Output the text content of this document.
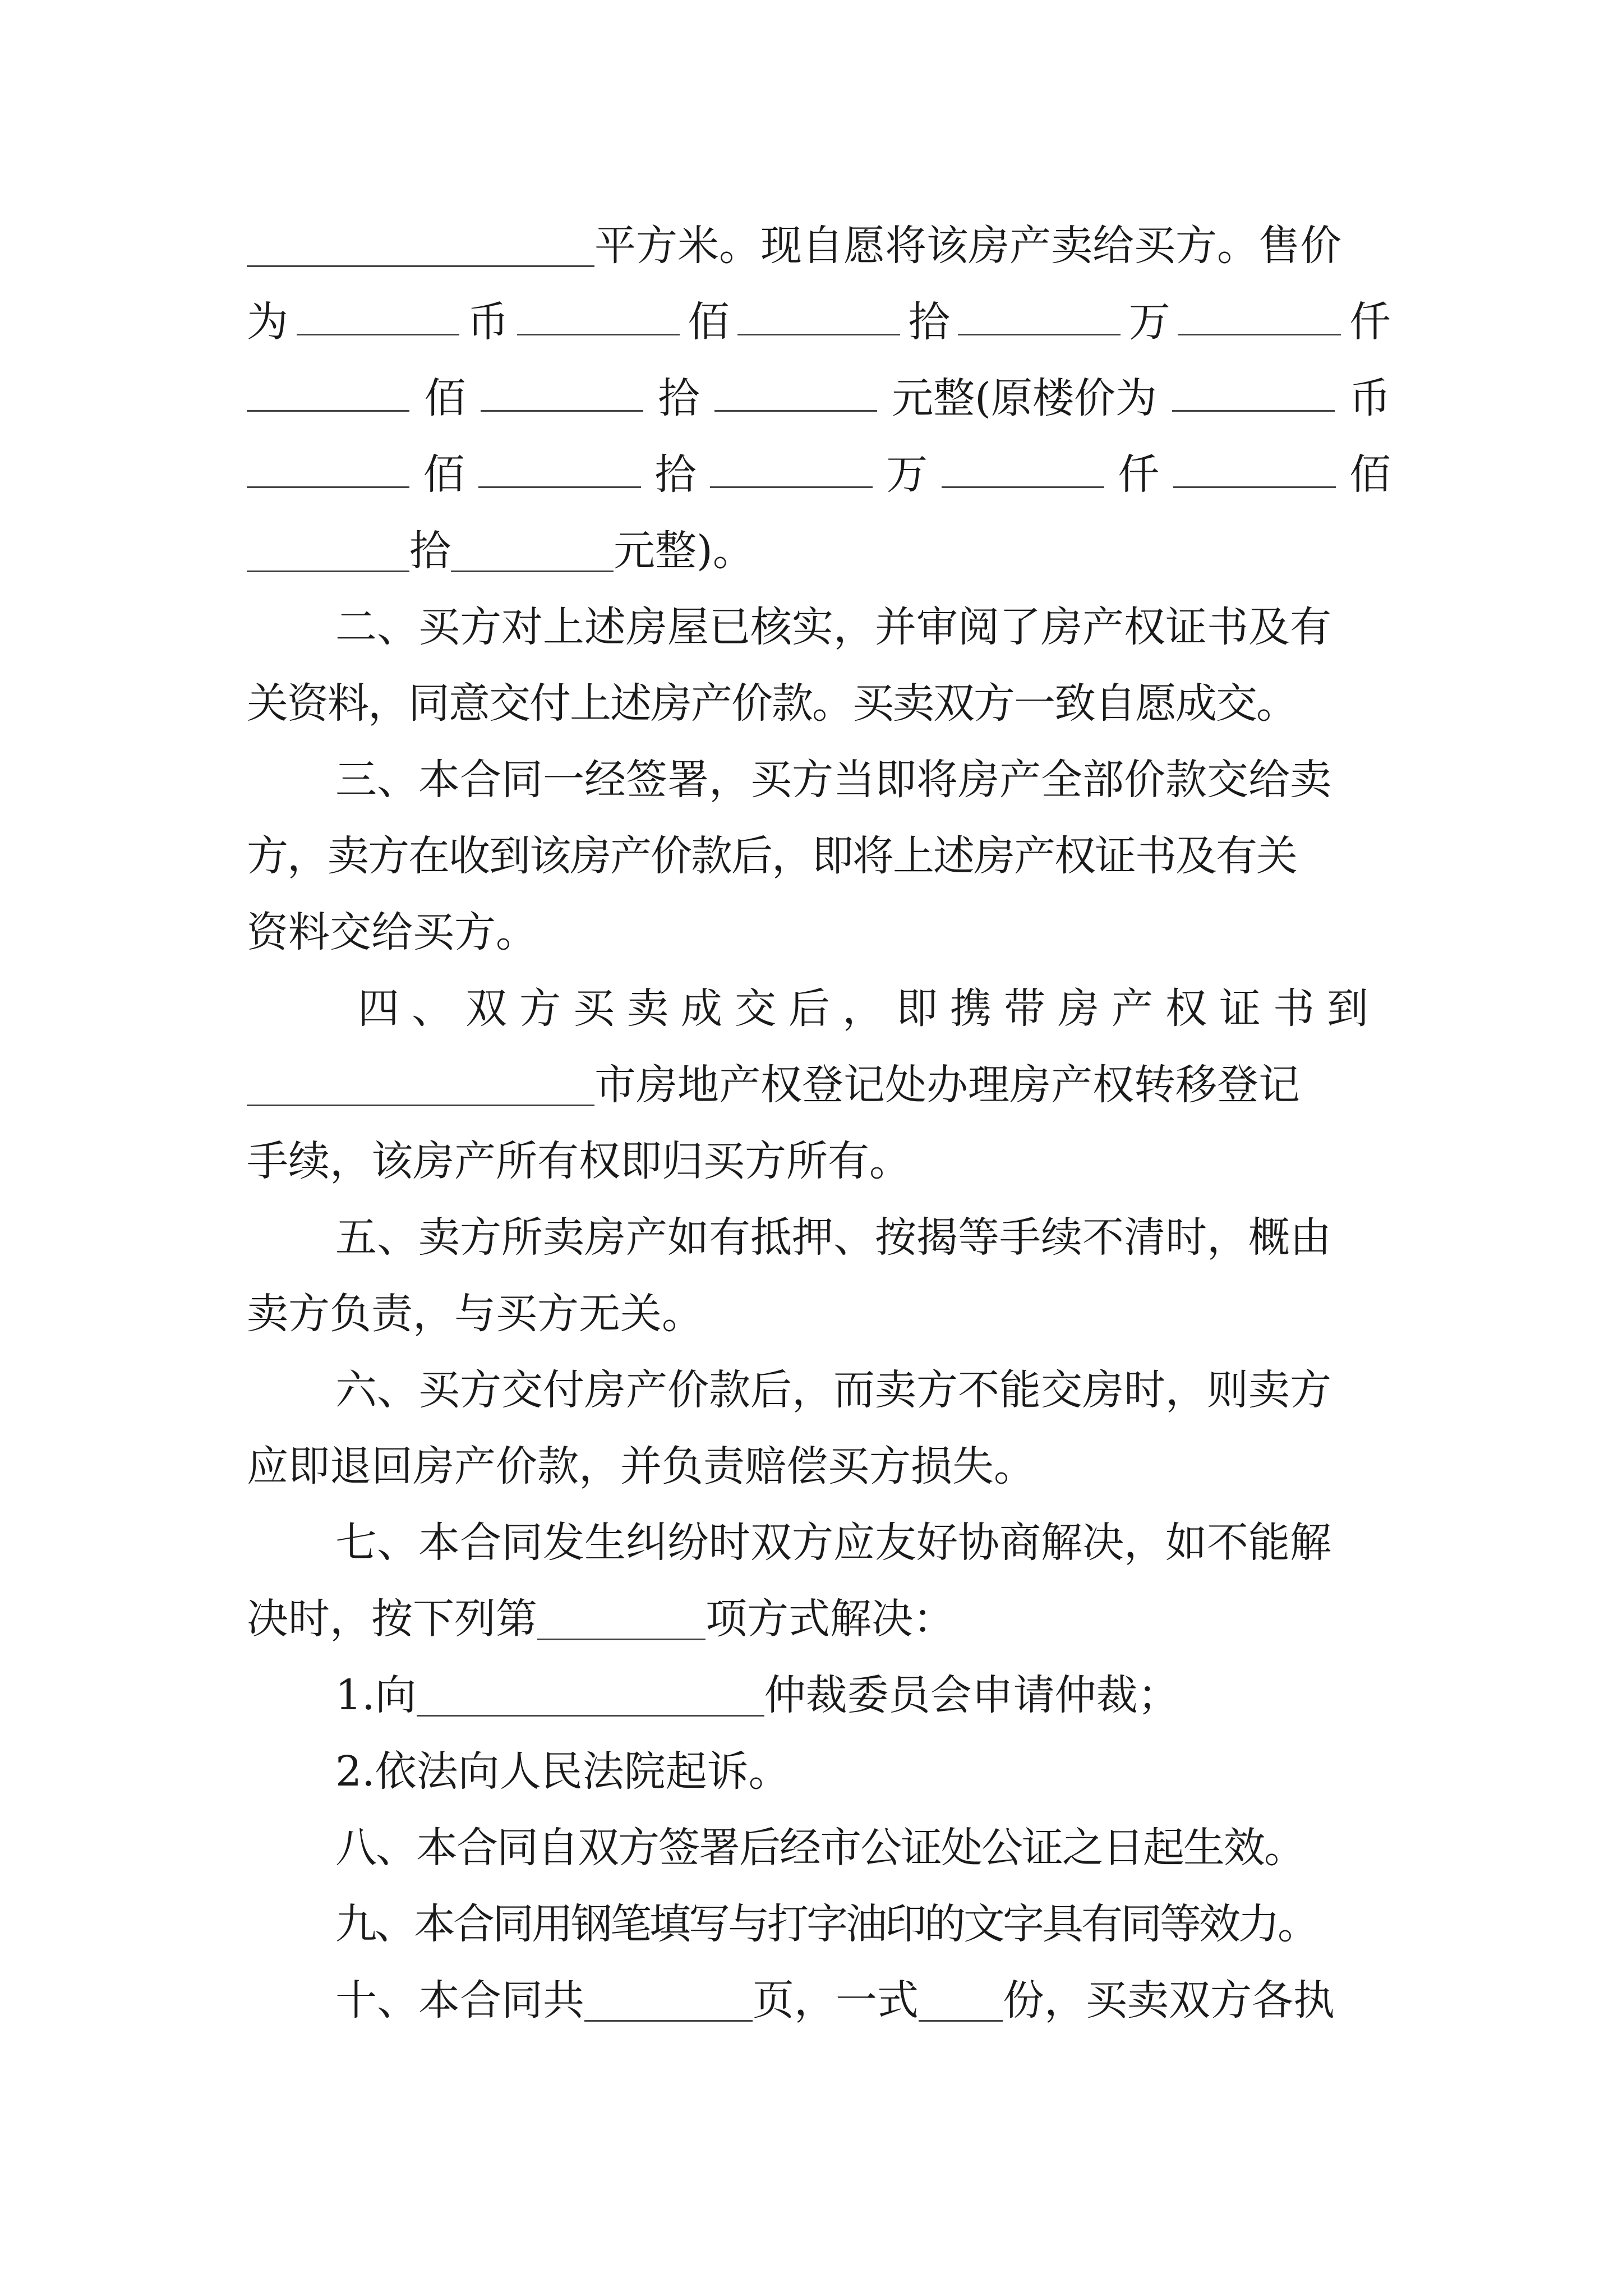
平方米。现自愿将该房产卖给买方。售价
为	币	佰	拾	万	仟
佰	拾	元整(原楼价为	币
佰	拾	万	仟	佰
拾	元整)。
二、买方对上述房屋已核实，并审阅了房产权证书及有
关资料，同意交付上述房产价款。买卖双方一致自愿成交。
三、本合同一经签署，买方当即将房产全部价款交给卖
方，卖方在收到该房产价款后，即将上述房产权证书及有关
资料交给买方。
四、双方买卖成交后，即携带房产权证书到
市房地产权登记处办理房产权转移登记
手续，该房产所有权即归买方所有。
五、卖方所卖房产如有抵押、按揭等手续不清时，概由
卖方负责，与买方无关。
六、买方交付房产价款后，而卖方不能交房时，则卖方
应即退回房产价款，并负责赔偿买方损失。
七、本合同发生纠纷时双方应友好协商解决，如不能解
决时，按下列第	项方式解决：
1.向	仲裁委员会申请仲裁；
2.依法向人民法院起诉。
八、本合同自双方签署后经市公证处公证之日起生效。
九、本合同用钢笔填写与打字油印的文字具有同等效力。
十、本合同共	页，一式 份，买卖双方各执
